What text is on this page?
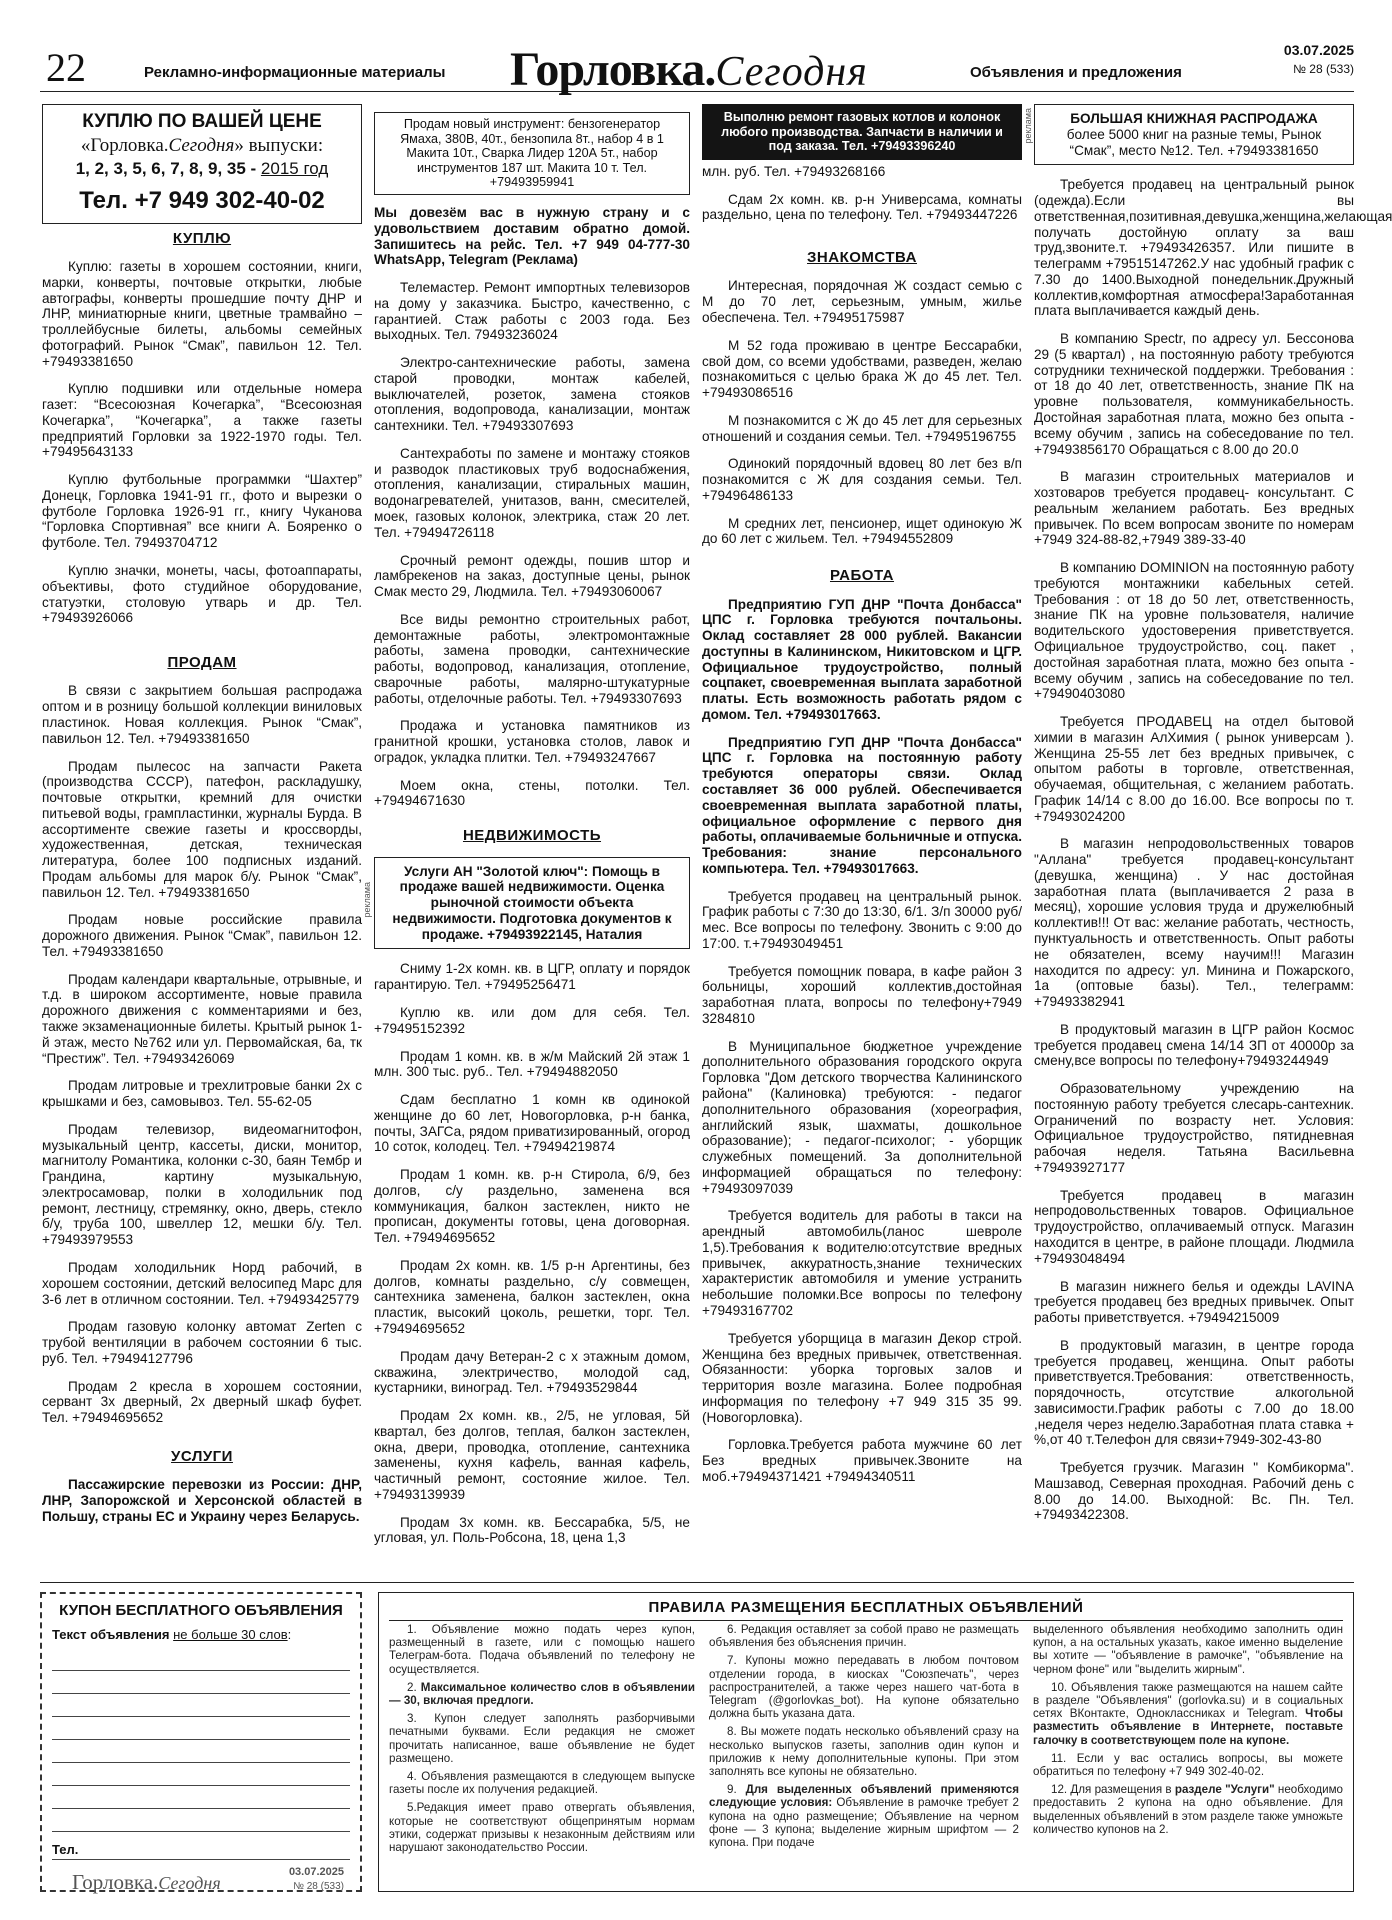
22	Рекламно-информационные материалы Горловка.Сегодня	Объявления и предложения
03.07.2025
№ 28 (533)
КУПЛЮ ПО ВАШЕЙ ЦЕНЕ
«Горловка.Сегодня» выпуски:
1, 2, 3, 5, 6, 7, 8, 9, 35 - 2015 год
Тел. +7 949 302-40-02
КУПЛЮ

Куплю: газеты в хорошем состоянии, книги, марки, конверты, почтовые открытки, любые автографы, конверты прошедшие почту ДНР и ЛНР, миниатюрные книги, цветные трамвайно – троллейбусные билеты, альбомы семейных фотографий. Рынок “Смак”, павильон 12. Тел. +79493381650

Куплю подшивки или отдельные номера газет: “Всесоюзная Кочегарка”, “Всесоюзная Кочегарка”, “Кочегарка”, а также газеты предприятий Горловки за 1922-1970 годы. Тел. +79495643133

Куплю футбольные программки “Шахтер” Донецк, Горловка 1941-91 гг., фото и вырезки о футболе Горловка 1926-91 гг., книгу Чуканова “Горловка Спортивная” все книги А. Бояренко о футболе. Тел. 79493704712

Куплю значки, монеты, часы, фотоаппараты, объективы, фото студийное оборудование, статуэтки, столовую утварь и др. Тел. +79493926066

ПРОДАМ

В связи с закрытием большая распродажа оптом и в розницу большой коллекции виниловых пластинок. Новая коллекция. Рынок “Смак”, павильон 12. Тел. +79493381650

Продам пылесос на запчасти Ракета (производства СССР), патефон, раскладушку, почтовые открытки, кремний для очистки питьевой воды, грампластинки, журналы Бурда. В ассортименте свежие газеты и кроссворды, художественная, детская, техническая литература, более 100 подписных изданий. Продам альбомы для марок б/у. Рынок “Смак”, павильон 12. Тел. +79493381650

Продам новые российские правила дорожного движения. Рынок “Смак”, павильон 12. Тел. +79493381650

Продам календари квартальные, отрывные, и т.д. в широком ассортименте, новые правила дорожного движения с комментариями и без, также экзаменационные билеты. Крытый рынок 1-й этаж, место №762 или ул. Первомайская, 6а, тк “Престиж”. Тел. +79493426069

Продам литровые и трехлитровые банки 2х с крышками и без, самовывоз. Тел. 55-62-05

Продам телевизор, видеомагнитофон, музыкальный центр, кассеты, диски, монитор, магнитолу Романтика, колонки с-30, баян Тембр и Грандина, картину музыкальную, электросамовар, полки в холодильник под ремонт, лестницу, стремянку, окно, дверь, стекло б/у, труба 100, швеллер 12, мешки б/у. Тел. +79493979553

Продам холодильник Норд рабочий, в хорошем состоянии, детский велосипед Марс для 3-6 лет в отличном состоянии. Тел. +79493425779

Продам газовую колонку автомат Zerten с трубой вентиляции в рабочем состоянии 6 тыс. руб. Тел. +79494127796

Продам 2 кресла в хорошем состоянии, сервант 3х дверный, 2х дверный шкаф буфет. Тел. +79494695652

УСЛУГИ

Пассажирские перевозки из России: ДНР, ЛНР, Запорожской и Херсонской областей в Польшу, страны ЕС и Украину через Беларусь.

Продам новый инструмент: бензогенератор Ямаха, 380В, 40т., бензопила 8т., набор 4 в 1 Макита 10т., Сварка Лидер 120А 5т., набор инструментов 187 шт. Макита 10 т. Тел. +79493959941

Мы довезём вас в нужную страну и с удовольствием доставим обратно домой. Запишитесь на рейс. Тел. +7 949 04-777-30 WhatsApp, Telegram (Реклама)

Телемастер. Ремонт импортных телевизоров на дому у заказчика. Быстро, качественно, с гарантией. Стаж работы с 2003 года. Без выходных. Тел. 79493236024

Электро-сантехнические работы, замена старой проводки, монтаж кабелей, выключателей, розеток, замена стояков отопления, водопровода, канализации, монтаж сантехники. Тел. +79493307693

Сантехработы по замене и монтажу стояков и разводок пластиковых труб водоснабжения, отопления, канализации, стиральных машин, водонагревателей, унитазов, ванн, смесителей, моек, газовых колонок, электрика, стаж 20 лет. Тел. +79494726118

Срочный ремонт одежды, пошив штор и ламбрекенов на заказ, доступные цены, рынок Смак место 29, Людмила. Тел. +79493060067

Все виды ремонтно строительных работ, демонтажные работы, электромонтажные работы, замена проводки, сантехнические работы, водопровод, канализация, отопление, сварочные работы, малярно-штукатурные работы, отделочные работы. Тел. +79493307693

Продажа и установка памятников из гранитной крошки, установка столов, лавок и оградок, укладка плитки. Тел. +79493247667

Моем окна, стены, потолки. Тел. +79494671630

НЕДВИЖИМОСТЬ
Услуги АН "Золотой ключ": Помощь в продаже вашей недвижимости. Оценка рыночной стоимости объекта недвижимости. Подготовка документов к продаже. +79493922145, Наталия

Сниму 1-2х комн. кв. в ЦГР, оплату и порядок гарантирую. Тел. +79495256471

Куплю кв. или дом для себя. Тел. +79495152392

Продам 1 комн. кв. в ж/м Майский 2й этаж 1 млн. 300 тыс. руб.. Тел. +79494882050

Сдам бесплатно 1 комн кв одинокой женщине до 60 лет, Новогорловка, р-н банка, почты, ЗАГСа, рядом приватизированный, огород 10 соток, колодец. Тел. +79494219874

Продам 1 комн. кв. р-н Стирола, 6/9, без долгов, с/у раздельно, заменена вся коммуникация, балкон застеклен, никто не прописан, документы готовы, цена договорная. Тел. +79494695652

Продам 2х комн. кв. 1/5 р-н Аргентины, без долгов, комнаты раздельно, с/у совмещен, сантехника заменена, балкон застеклен, окна пластик, высокий цоколь, решетки, торг. Тел. +79494695652

Продам дачу Ветеран-2 с х этажным домом, скважина, электричество, молодой сад, кустарники, виноград. Тел. +79493529844

Продам 2х комн. кв., 2/5, не угловая, 5й квартал, без долгов, теплая, балкон застеклен, окна, двери, проводка, отопление, сантехника заменены, кухня кафель, ванная кафель, частичный ремонт, состояние жилое. Тел. +79493139939

Продам 3х комн. кв. Бессарабка, 5/5, не угловая, ул. Поль-Робсона, 18, цена 1,3

реклама
Выполню ремонт газовых котлов и колонок любого производства. Запчасти в наличии и под заказа. Тел. +79493396240

млн. руб. Тел. +79493268166

Сдам 2х комн. кв. р-н Универсама, комнаты раздельно, цена по телефону. Тел. +79493447226

ЗНАКОМСТВА

Интересная, порядочная Ж создаст семью с М до 70 лет, серьезным, умным, жилье обеспечена. Тел. +79495175987

М 52 года проживаю в центре Бессарабки, свой дом, со всеми удобствами, разведен, желаю познакомиться с целью брака Ж до 45 лет. Тел. +79493086516

М познакомится с Ж до 45 лет для серьезных отношений и создания семьи. Тел. +79495196755

Одинокий порядочный вдовец 80 лет без в/п познакомится с Ж для создания семьи. Тел. +79496486133

М средних лет, пенсионер, ищет одинокую Ж до 60 лет с жильем. Тел. +79494552809

РАБОТА

Предприятию ГУП ДНР "Почта Донбасса" ЦПС г. Горловка требуются почтальоны. Оклад составляет 28 000 рублей. Вакансии доступны в Калининском, Никитовском и ЦГР. Официальное трудоустройство, полный соцпакет, своевременная выплата заработной платы. Есть возможность работать рядом с домом. Тел. +79493017663.

Предприятию ГУП ДНР "Почта Донбасса" ЦПС г. Горловка на постоянную работу требуются операторы связи. Оклад составляет 36 000 рублей. Обеспечивается своевременная выплата заработной платы, официальное оформление с первого дня работы, оплачиваемые больничные и отпуска. Требования: знание персонального компьютера. Тел. +79493017663.

Требуется продавец на центральный рынок. График работы с 7:30 до 13:30, 6/1. З/п 30000 руб/ мес. Все вопросы по телефону. Звонить с 9:00 до 17:00. т.+79493049451

Требуется помощник повара, в кафе район 3 больницы, хороший коллектив,достойная заработная плата, вопросы по телефону+7949 3284810

В Муниципальное бюджетное учреждение дополнительного образования городского округа Горловка "Дом детского творчества Калининского района" (Калиновка) требуются: - педагог дополнительного образования (хореография, английский язык, шахматы, дошкольное образование); - педагог-психолог; - уборщик служебных помещений. За дополнительной информацией обращаться по телефону: +79493097039

Требуется водитель для работы в такси на арендный автомобиль(ланос шевроле 1,5).Требования к водителю:отсутствие вредных привычек, аккуратность,знание технических характеристик автомобиля и умение устранить небольшие поломки.Все вопросы по телефону +79493167702

Требуется уборщица в магазин Декор строй. Женщина без вредных привычек, ответственная. Обязанности: уборка торговых залов и территория возле магазина. Более подробная информация по телефону +7 949 315 35 99. (Новогорловка).

Горловка.Требуется работа мужчине 60 лет Без вредных привычек.Звоните на моб.+79494371421 +79494340511

реклама	БОЛЬШАЯ КНИЖНАЯ РАСПРОДАЖА
более 5000 книг на разные темы, Рынок “Смак”, место №12. Тел. +79493381650

Требуется продавец на центральный рынок (одежда).Если вы ответственная,позитивная,девушка,женщина,желающая получать достойную оплату за ваш труд,звоните.т. +79493426357. Или пишите в телеграмм +79515147262.У нас удобный график с 7.30 до 1400.Выходной понедельник.Дружный коллектив,комфортная атмосфера!Заработанная плата выплачивается каждый день.

В компанию Spectr, по адресу ул. Бессонова 29 (5 квартал) , на постоянную работу требуются сотрудники технической поддержки. Требования : от 18 до 40 лет, ответственность, знание ПК на уровне пользователя, коммуникабельность. Достойная заработная плата, можно без опыта - всему обучим , запись на собеседование по тел. +79493856170 Обращаться с 8.00 до 20.0

В магазин строительных материалов и хозтоваров требуется продавец- консультант. С реальным желанием работать. Без вредных привычек. По всем вопросам звоните по номерам +7949 324-88-82,+7949 389-33-40

В компанию DOMINION на постоянную работу требуются монтажники кабельных сетей. Требования : от 18 до 50 лет, ответственность, знание ПК на уровне пользователя, наличие водительского удостоверения приветствуется. Официальное трудоустройство, соц. пакет , достойная заработная плата, можно без опыта - всему обучим , запись на собеседование по тел. +79490403080

Требуется ПРОДАВЕЦ на отдел бытовой химии в магазин АлХимия ( рынок универсам ). Женщина 25-55 лет без вредных привычек, с опытом работы в торговле, ответственная, обучаемая, общительная, с желанием работать. График 14/14 с 8.00 до 16.00. Все вопросы по т. +79493024200

В магазин непродовольственных товаров "Аллана" требуется продавец-консультант (девушка, женщина) . У нас достойная заработная плата (выплачивается 2 раза в месяц), хорошие условия труда и дружелюбный коллектив!!! От вас: желание работать, честность, пунктуальность и ответственность. Опыт работы не обязателен, всему научим!!! Магазин находится по адресу: ул. Минина и Пожарского, 1а (оптовые базы). Тел., телеграмм: +79493382941

В продуктовый магазин в ЦГР район Космос требуется продавец смена 14/14 ЗП от 40000р за смену,все вопросы по телефону+79493244949

Образовательному учреждению на постоянную работу требуется слесарь-сантехник. Ограничений по возрасту нет. Условия: Официальное трудоустройство, пятидневная рабочая неделя. Татьяна Васильевна +79493927177

Требуется продавец в магазин непродовольственных товаров. Официальное трудоустройство, оплачиваемый отпуск. Магазин находится в центре, в районе площади. Людмила +79493048494

В магазин нижнего белья и одежды LAVINA требуется продавец без вредных привычек. Опыт работы приветствуется. +79494215009

В продуктовый магазин, в центре города требуется продавец, женщина. Опыт работы приветствуется.Требования: ответственность, порядочность, отсутствие алкогольной зависимости.График работы с 7.00 до 18.00 ,неделя через неделю.Заработная плата ставка + %,от 40 т.Телефон для связи+7949-302-43-80

Требуется грузчик. Магазин " Комбикорма". Машзавод, Северная проходная. Рабочий день с 8.00 до 14.00. Выходной: Вс. Пн. Тел. +79493422308.

КУПОН БЕСПЛАТНОГО ОБЪЯВЛЕНИЯ
Текст объявления не больше 30 слов:
Тел.
Горловка.Сегодня
03.07.2025
№ 28 (533)
ПРАВИЛА РАЗМЕЩЕНИЯ БЕСПЛАТНЫХ ОБЪЯВЛЕНИЙ

1. Объявление можно подать через купон, размещенный в газете, или с помощью нашего Телеграм-бота. Подача объявлений по телефону не осуществляется.

2. Максимальное количество слов в объявлении — 30, включая предлоги.

3. Купон следует заполнять разборчивыми печатными буквами. Если редакция не сможет прочитать написанное, ваше объявление не будет размещено.

4. Объявления размещаются в следующем выпуске газеты после их получения редакцией.

5.Редакция имеет право отвергать объявления, которые не соответствуют общепринятым нормам этики, содержат призывы к незаконным действиям или нарушают законодательство России.

6. Редакция оставляет за собой право не размещать объявления без объяснения причин.

7. Купоны можно передавать в любом почтовом отделении города, в киосках "Союзпечать", через распространителей, а также через нашего чат-бота в Telegram (@gorlovkas_bot). На купоне обязательно должна быть указана дата.

8. Вы можете подать несколько объявлений сразу на несколько выпусков газеты, заполнив один купон и приложив к нему дополнительные купоны. При этом заполнять все купоны не обязательно.

9. Для выделенных объявлений применяются следующие условия: Объявление в рамочке требует 2 купона на одно размещение; Объявление на черном фоне — 3 купона; выделение жирным шрифтом — 2 купона. При подаче

выделенного объявления необходимо заполнить один купон, а на остальных указать, какое именно выделение вы хотите — "объявление в рамочке", "объявление на черном фоне" или "выделить жирным".

10. Объявления также размещаются на нашем сайте в разделе "Объявления" (gorlovka.su) и в социальных сетях ВКонтакте, Одноклассниках и Telegram. Чтобы разместить объявление в Интернете, поставьте галочку в соответствующем поле на купоне.

11. Если у вас остались вопросы, вы можете обратиться по телефону +7 949 302-40-02.

12. Для размещения в разделе "Услуги" необходимо предоставить 2 купона на одно объявление. Для выделенных объявлений в этом разделе также умножьте количество купонов на 2.
